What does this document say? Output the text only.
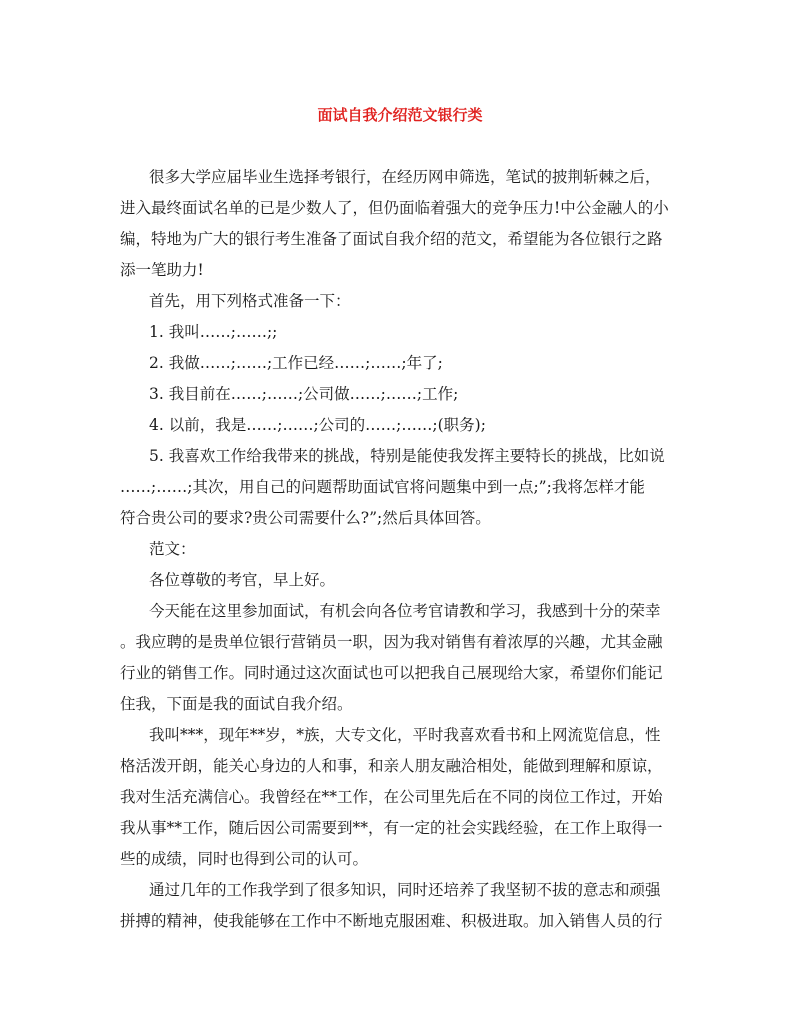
面试自我介绍范文银行类
很多大学应届毕业生选择考银行，在经历网申筛选，笔试的披荆斩棘之后，
进入最终面试名单的已是少数人了，但仍面临着强大的竞争压力!中公金融人的小
编，特地为广大的银行考生准备了面试自我介绍的范文，希望能为各位银行之路
添一笔助力!
首先，用下列格式准备一下：
1. 我叫……;……;;
2. 我做……;……;工作已经……;……;年了;
3. 我目前在……;……;公司做……;……;工作;
4. 以前，我是……;……;公司的……;……;(职务);
5. 我喜欢工作给我带来的挑战，特别是能使我发挥主要特长的挑战，比如说
……;……;其次，用自己的问题帮助面试官将问题集中到一点;”;我将怎样才能
符合贵公司的要求?贵公司需要什么?”;然后具体回答。
范文：
各位尊敬的考官，早上好。
今天能在这里参加面试，有机会向各位考官请教和学习，我感到十分的荣幸
。我应聘的是贵单位银行营销员一职，因为我对销售有着浓厚的兴趣，尤其金融
行业的销售工作。同时通过这次面试也可以把我自己展现给大家，希望你们能记
住我，下面是我的面试自我介绍。
我叫***，现年**岁，*族，大专文化，平时我喜欢看书和上网流览信息，性
格活泼开朗，能关心身边的人和事，和亲人朋友融洽相处，能做到理解和原谅，
我对生活充满信心。我曾经在**工作，在公司里先后在不同的岗位工作过，开始
我从事**工作，随后因公司需要到**，有一定的社会实践经验，在工作上取得一
些的成绩，同时也得到公司的认可。
通过几年的工作我学到了很多知识，同时还培养了我坚韧不拔的意志和顽强
拼搏的精神，使我能够在工作中不断地克服困难、积极进取。加入销售人员的行
